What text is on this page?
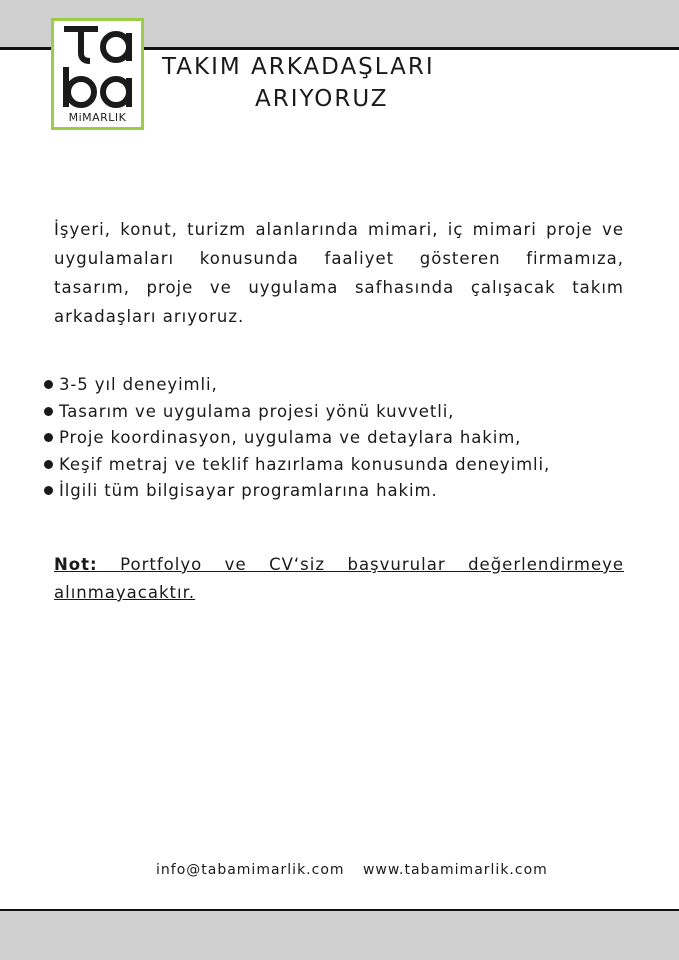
MiMARLIK
TAKIM ARKADAŞLARI
ARIYORUZ

İşyeri, konut, turizm alanlarında mimari, iç mimari proje ve uygulamaları konusunda faaliyet gösteren firmamıza, tasarım, proje ve uygulama safhasında çalışacak takım arkadaşları arıyoruz.

3-5 yıl deneyimli,
Tasarım ve uygulama projesi yönü kuvvetli,
Proje koordinasyon, uygulama ve detaylara hakim,
Keşif metraj ve teklif hazırlama konusunda deneyimli,
İlgili tüm bilgisayar programlarına hakim.

Not: Portfolyo ve CV‘siz başvurular değerlendirmeye alınmayacaktır.

info@tabamimarlik.com www.tabamimarlik.com
